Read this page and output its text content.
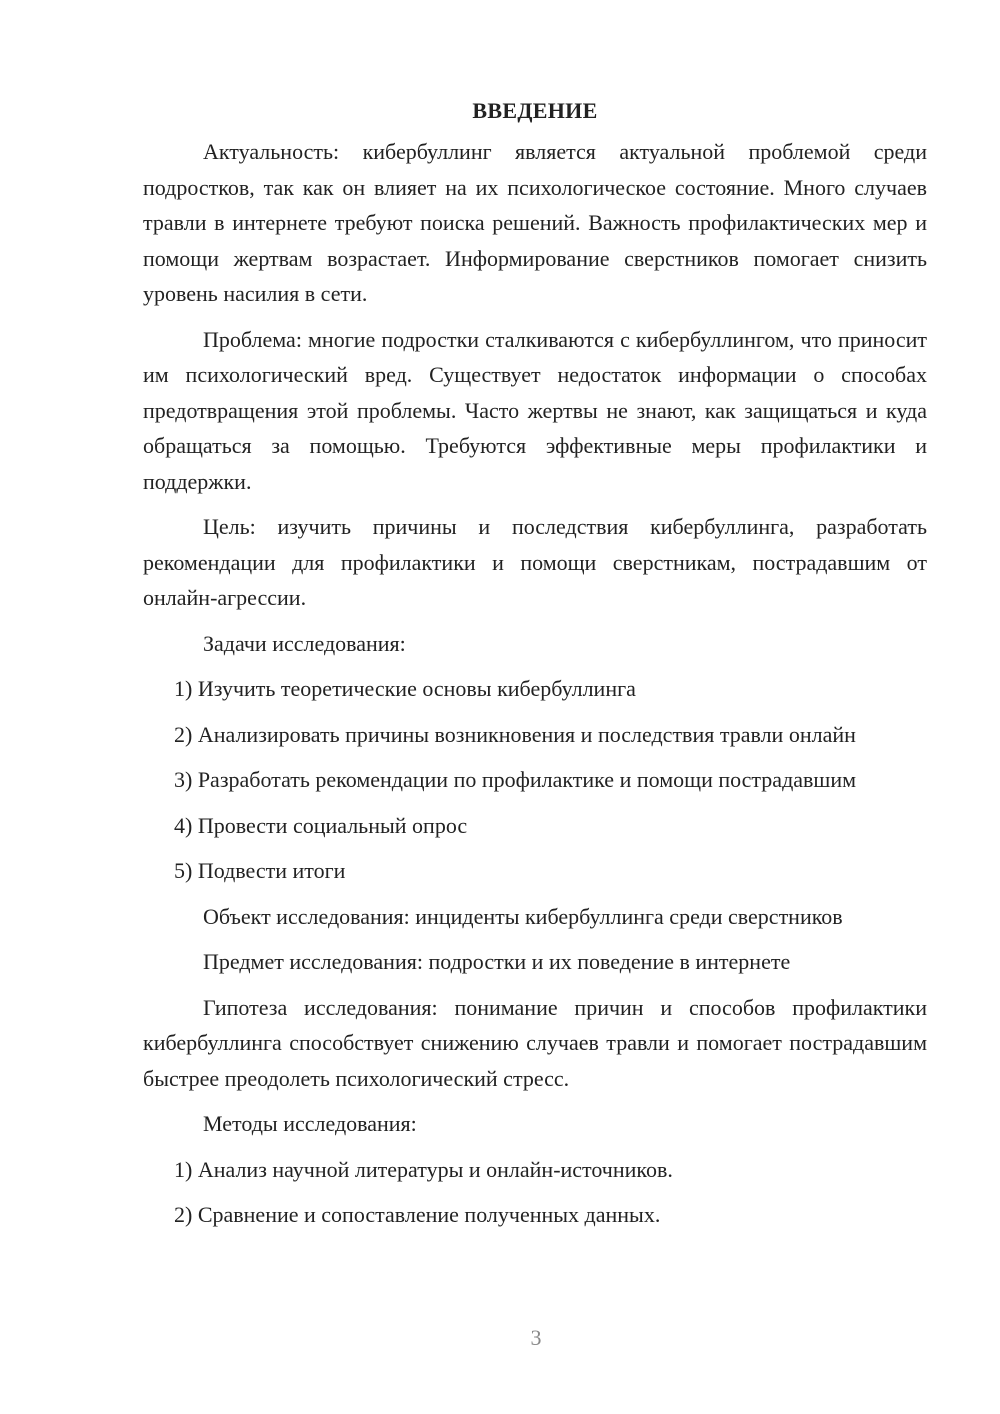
ВВЕДЕНИЕ

Актуальность: кибербуллинг является актуальной проблемой среди подростков, так как он влияет на их психологическое состояние. Много случаев травли в интернете требуют поиска решений. Важность профилактических мер и помощи жертвам возрастает. Информирование сверстников помогает снизить уровень насилия в сети.

Проблема: многие подростки сталкиваются с кибербуллингом, что приносит им психологический вред. Существует недостаток информации о способах предотвращения этой проблемы. Часто жертвы не знают, как защищаться и куда обращаться за помощью. Требуются эффективные меры профилактики и поддержки.

Цель: изучить причины и последствия кибербуллинга, разработать рекомендации для профилактики и помощи сверстникам, пострадавшим от онлайн-агрессии.

Задачи исследования:

1) Изучить теоретические основы кибербуллинга

2) Анализировать причины возникновения и последствия травли онлайн

3) Разработать рекомендации по профилактике и помощи пострадавшим

4) Провести социальный опрос

5) Подвести итоги

Объект исследования: инциденты кибербуллинга среди сверстников

Предмет исследования: подростки и их поведение в интернете

Гипотеза исследования: понимание причин и способов профилактики кибербуллинга способствует снижению случаев травли и помогает пострадавшим быстрее преодолеть психологический стресс.

Методы исследования:

1) Анализ научной литературы и онлайн-источников.

2) Сравнение и сопоставление полученных данных.

3
